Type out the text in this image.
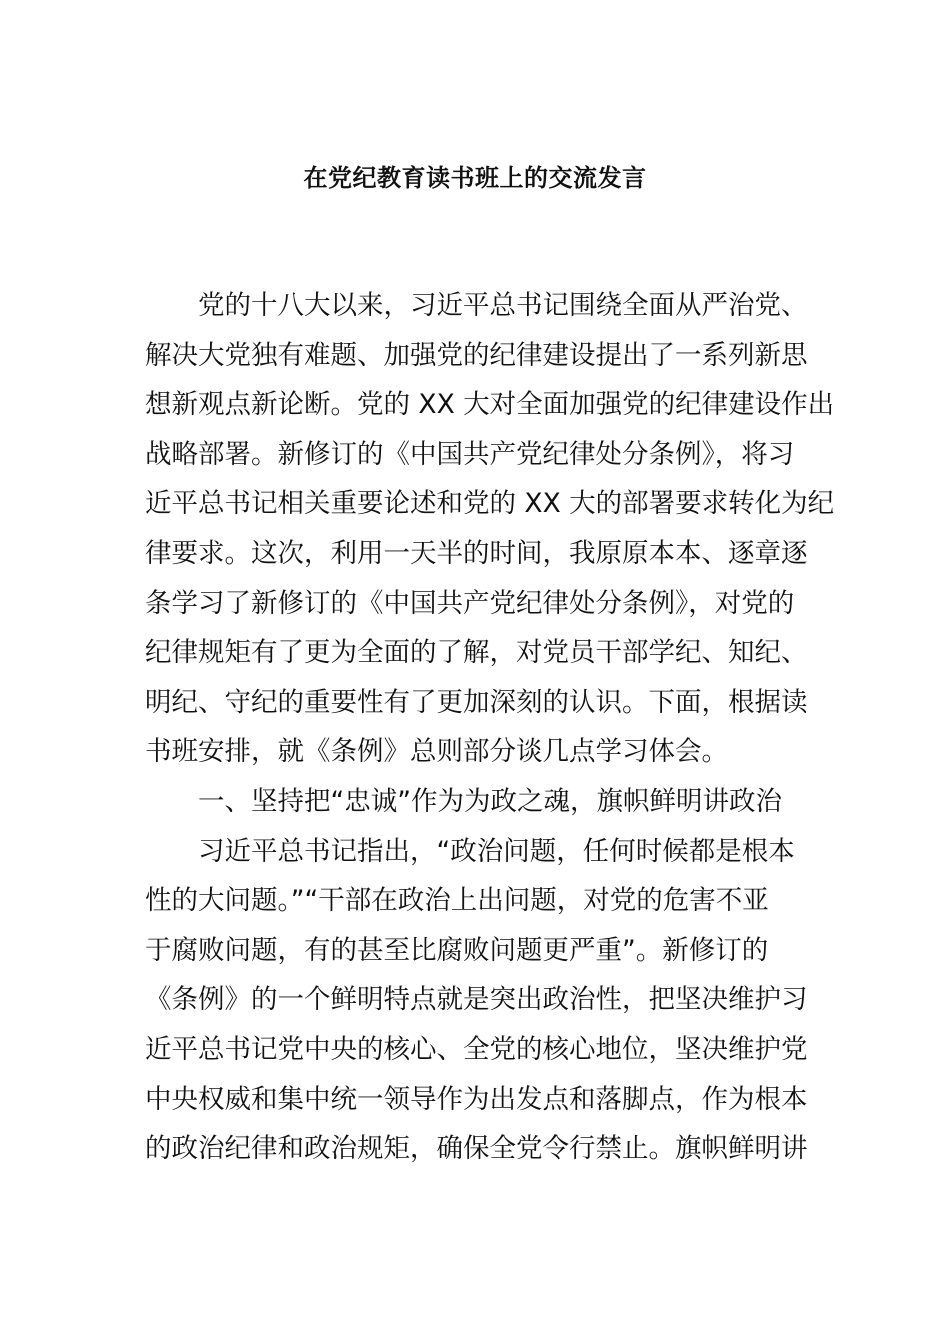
在党纪教育读书班上的交流发言
党的十八大以来，习近平总书记围绕全面从严治党、
解决大党独有难题、加强党的纪律建设提出了一系列新思
想新观点新论断。党的 XX 大对全面加强党的纪律建设作出
战略部署。新修订的《中国共产党纪律处分条例》，将习
近平总书记相关重要论述和党的 XX 大的部署要求转化为纪
律要求。这次，利用一天半的时间，我原原本本、逐章逐
条学习了新修订的《中国共产党纪律处分条例》，对党的
纪律规矩有了更为全面的了解，对党员干部学纪、知纪、
明纪、守纪的重要性有了更加深刻的认识。下面，根据读
书班安排，就《条例》总则部分谈几点学习体会。
一、坚持把“忠诚”作为为政之魂，旗帜鲜明讲政治
习近平总书记指出，“政治问题，任何时候都是根本
性的大问题。”“干部在政治上出问题，对党的危害不亚
于腐败问题，有的甚至比腐败问题更严重”。新修订的
《条例》的一个鲜明特点就是突出政治性，把坚决维护习
近平总书记党中央的核心、全党的核心地位，坚决维护党
中央权威和集中统一领导作为出发点和落脚点，作为根本
的政治纪律和政治规矩，确保全党令行禁止。旗帜鲜明讲
